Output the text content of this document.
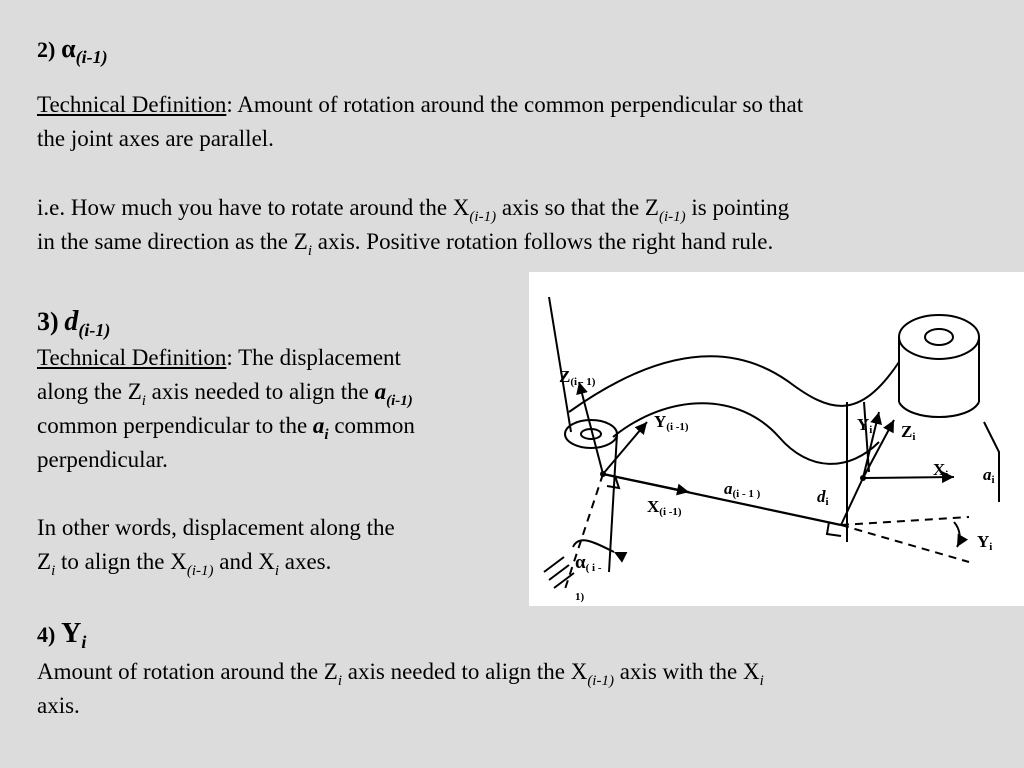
2) $\alpha_{(i-1)}$
Technical Definition: Amount of rotation around the common perpendicular so that
the joint axes are parallel.
i.e. How much you have to rotate around the $X_{(i-1)}$ axis so that the $Z_{(i-1)}$ is pointing
in the same direction as the $Z_i$ axis. Positive rotation follows the right hand rule.
3) $d_{(i-1)}$
Technical Definition: The displacement
along the $Z_i$ axis needed to align the $a_{(i-1)}$
common perpendicular to the $a_i$ common
perpendicular.
In other words, displacement along the
$Z_i$ to align the $X_{(i-1)}$ and $X_i$ axes.
4) $Y_i$
Amount of rotation around the $Z_i$ axis needed to align the $X_{(i-1)}$ axis with the $X_i$
axis.
Z(i - 1)
Y(i -1)
X(i -1)
a(i - 1 )
α( i -
1)
di
Yi Zi
Xi ai
Yi
